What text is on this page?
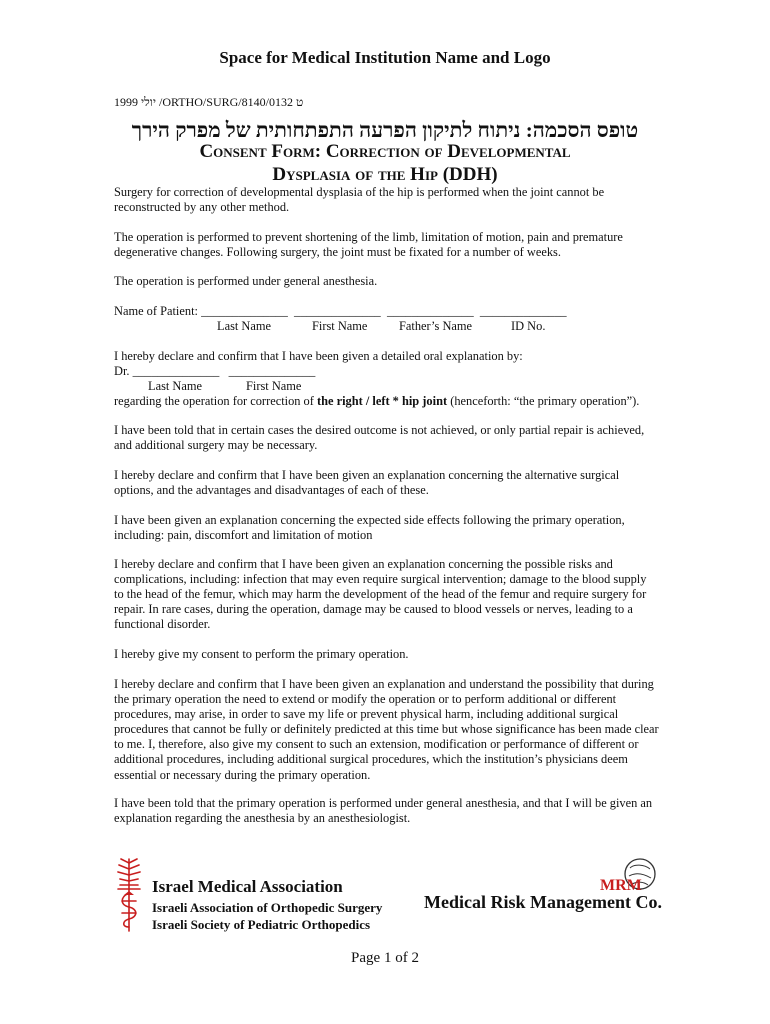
Space for Medical Institution Name and Logo
1999 יולי /ORTHO/SURG/8140/0132 ט
טופס הסכמה: ניתוח לתיקון הפרעה התפתחותית של מפרק הירך
Consent Form: Correction of Developmental
Dysplasia of the Hip (DDH)
Surgery for correction of developmental dysplasia of the hip is performed when the joint cannot be reconstructed by any other method.
The operation is performed to prevent shortening of the limb, limitation of motion, pain and premature degenerative changes. Following surgery, the joint must be fixated for a number of weeks.
The operation is performed under general anesthesia.
Name of Patient: ______________  ______________  ______________  ______________
Last Name	First Name	Father’s Name	ID No.
I hereby declare and confirm that I have been given a detailed oral explanation by:
Dr. ______________   ______________
Last Name	First Name
regarding the operation for correction of the right / left * hip joint (henceforth: “the primary operation”).
I have been told that in certain cases the desired outcome is not achieved, or only partial repair is achieved, and additional surgery may be necessary.
I hereby declare and confirm that I have been given an explanation concerning the alternative surgical options, and the advantages and disadvantages of each of these.
I have been given an explanation concerning the expected side effects following the primary operation, including: pain, discomfort and limitation of motion
I hereby declare and confirm that I have been given an explanation concerning the possible risks and complications, including: infection that may even require surgical intervention; damage to the blood supply to the head of the femur, which may harm the development of the head of the femur and require surgery for repair. In rare cases, during the operation, damage may be caused to blood vessels or nerves, leading to a functional disorder.
I hereby give my consent to perform the primary operation.
I hereby declare and confirm that I have been given an explanation and understand the possibility that during the primary operation the need to extend or modify the operation or to perform additional or different procedures, may arise, in order to save my life or prevent physical harm, including additional surgical procedures that cannot be fully or definitely predicted at this time but whose significance has been made clear to me. I, therefore, also give my consent to such an extension, modification or performance of different or additional procedures, including additional surgical procedures, which the institution’s physicians deem essential or necessary during the primary operation.
I have been told that the primary operation is performed under general anesthesia, and that I will be given an explanation regarding the anesthesia by an anesthesiologist.
Israel Medical Association
Israeli Association of Orthopedic Surgery
Israeli Society of Pediatric Orthopedics
MRM
Medical Risk Management Co.
Page 1 of 2
